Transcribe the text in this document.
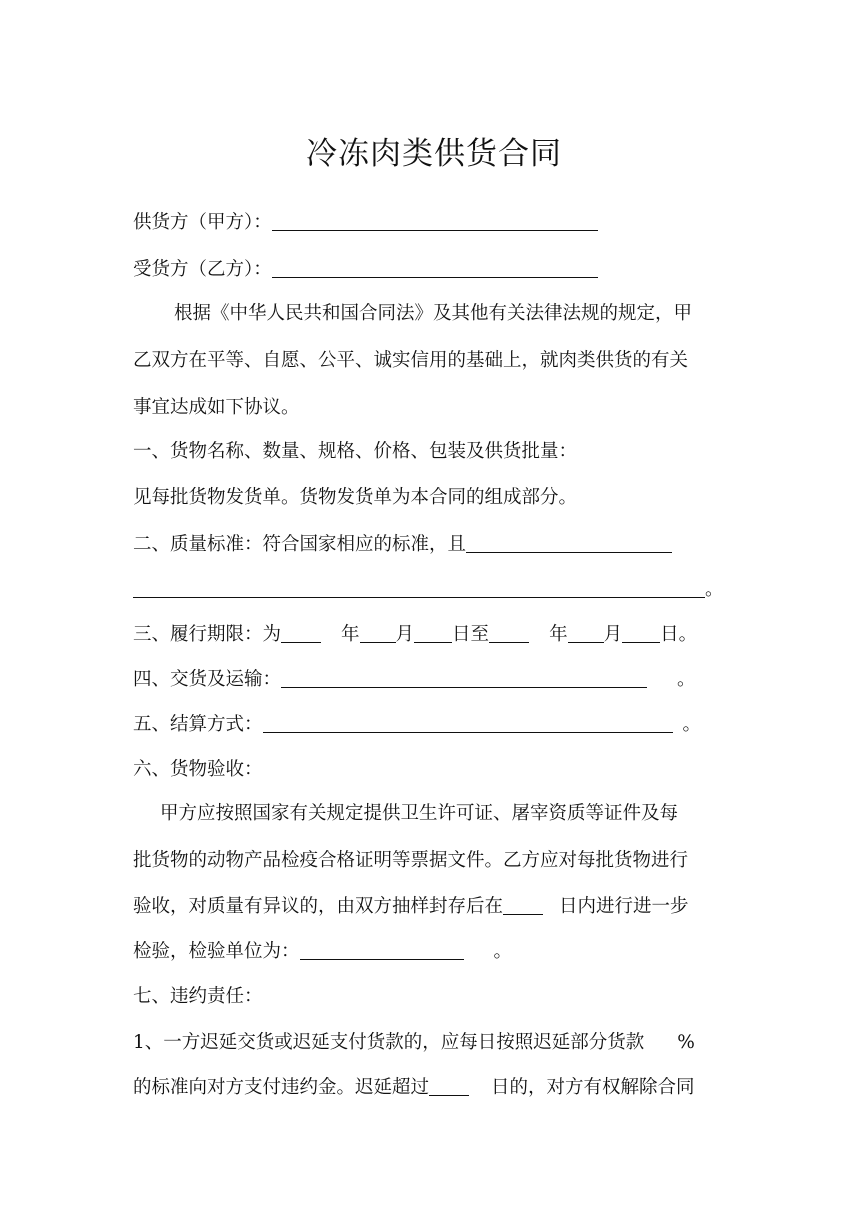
冷冻肉类供货合同
供货方（甲方）：
受货方（乙方）：
根据《中华人民共和国合同法》及其他有关法律法规的规定，甲
乙双方在平等、自愿、公平、诚实信用的基础上，就肉类供货的有关
事宜达成如下协议。
一、货物名称、数量、规格、价格、包装及供货批量：
见每批货物发货单。货物发货单为本合同的组成部分。
二、质量标准：符合国家相应的标准，且
。
三、履行期限：为	年 月 日至	年 月 日。
四、交货及运输：	。
五、结算方式：	。
六、货物验收：
甲方应按照国家有关规定提供卫生许可证、屠宰资质等证件及每
批货物的动物产品检疫合格证明等票据文件。乙方应对每批货物进行
验收，对质量有异议的，由双方抽样封存后在	日内进行进一步
检验，检验单位为：	。
七、违约责任：
1、一方迟延交货或迟延支付货款的，应每日按照迟延部分货款 %
的标准向对方支付违约金。迟延超过	日的，对方有权解除合同
